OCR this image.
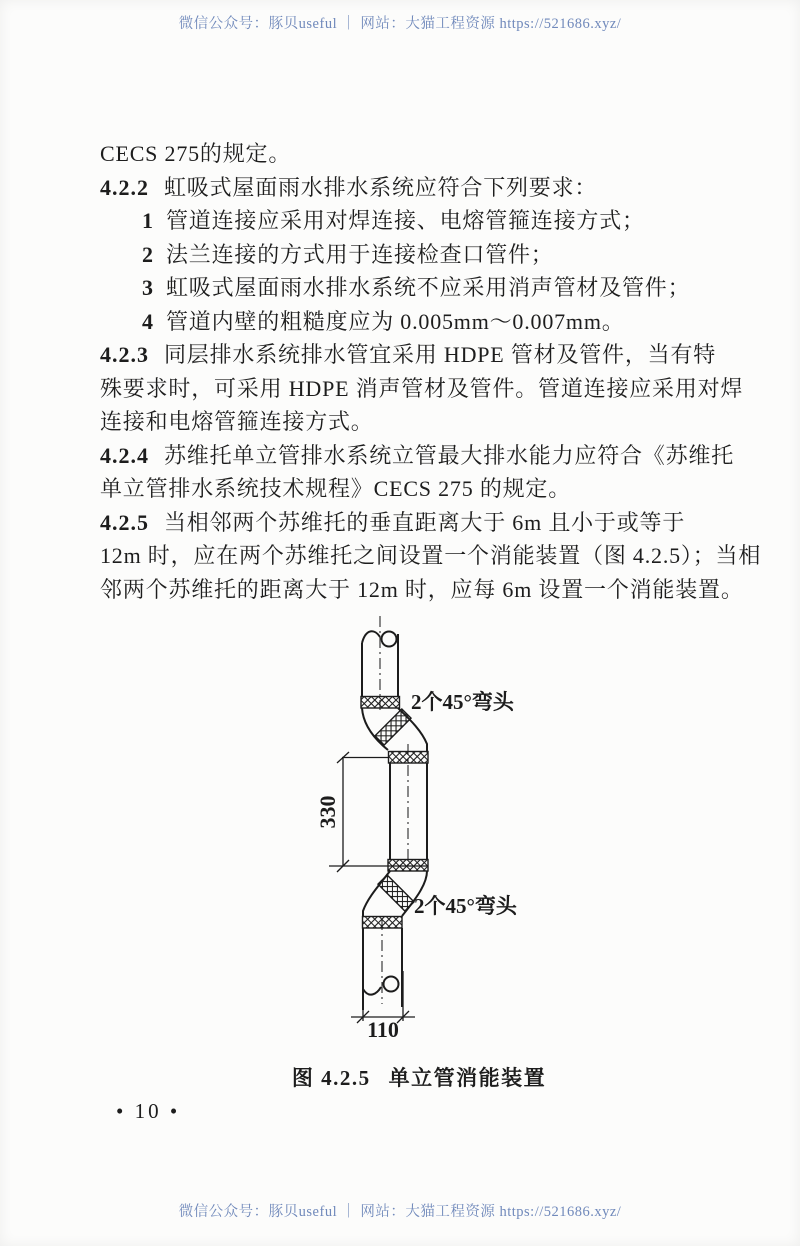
微信公众号：豚贝useful ｜ 网站：大猫工程资源 https://521686.xyz/
CECS 275的规定。
4.2.2 虹吸式屋面雨水排水系统应符合下列要求：
1 管道连接应采用对焊连接、电熔管箍连接方式；
2 法兰连接的方式用于连接检查口管件；
3 虹吸式屋面雨水排水系统不应采用消声管材及管件；
4 管道内壁的粗糙度应为 0.005mm～0.007mm。
4.2.3 同层排水系统排水管宜采用 HDPE 管材及管件，当有特
殊要求时，可采用 HDPE 消声管材及管件。管道连接应采用对焊
连接和电熔管箍连接方式。
4.2.4 苏维托单立管排水系统立管最大排水能力应符合《苏维托
单立管排水系统技术规程》CECS 275 的规定。
4.2.5 当相邻两个苏维托的垂直距离大于 6m 且小于或等于
12m 时，应在两个苏维托之间设置一个消能装置（图 4.2.5）；当相
邻两个苏维托的距离大于 12m 时，应每 6m 设置一个消能装置。
330
110
2个45°弯头
2个45°弯头
图 4.2.5 单立管消能装置
• 10 •
微信公众号：豚贝useful ｜ 网站：大猫工程资源 https://521686.xyz/
